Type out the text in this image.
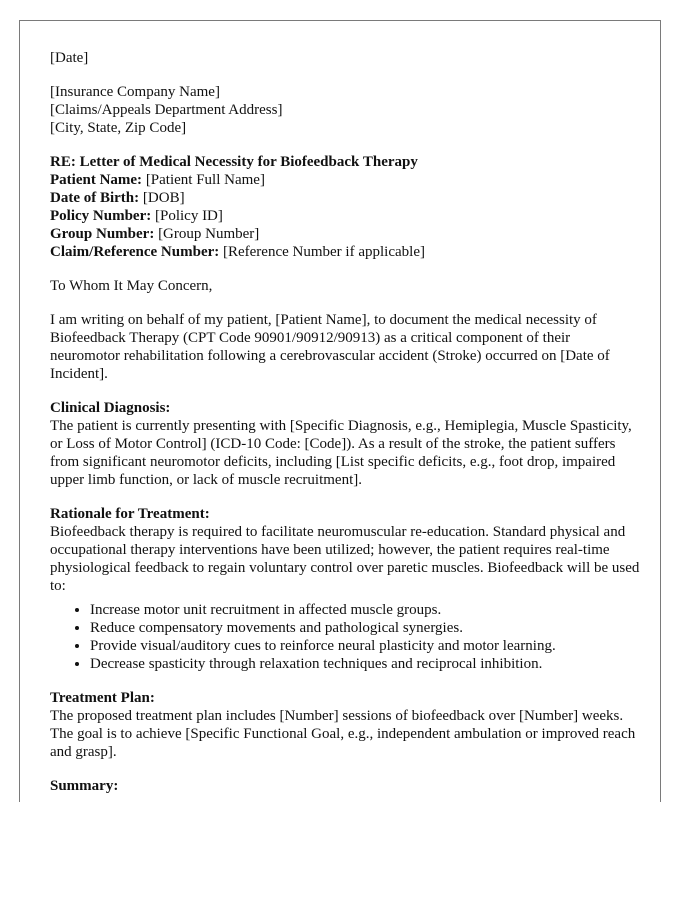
[Date]
[Insurance Company Name]
[Claims/Appeals Department Address]
[City, State, Zip Code]
RE: Letter of Medical Necessity for Biofeedback Therapy
Patient Name: [Patient Full Name]
Date of Birth: [DOB]
Policy Number: [Policy ID]
Group Number: [Group Number]
Claim/Reference Number: [Reference Number if applicable]

To Whom It May Concern,

I am writing on behalf of my patient, [Patient Name], to document the medical necessity of Biofeedback Therapy (CPT Code 90901/90912/90913) as a critical component of their neuromotor rehabilitation following a cerebrovascular accident (Stroke) occurred on [Date of Incident].

Clinical Diagnosis:

The patient is currently presenting with [Specific Diagnosis, e.g., Hemiplegia, Muscle Spasticity, or Loss of Motor Control] (ICD-10 Code: [Code]). As a result of the stroke, the patient suffers from significant neuromotor deficits, including [List specific deficits, e.g., foot drop, impaired upper limb function, or lack of muscle recruitment].

Rationale for Treatment:

Biofeedback therapy is required to facilitate neuromuscular re-education. Standard physical and occupational therapy interventions have been utilized; however, the patient requires real-time physiological feedback to regain voluntary control over paretic muscles. Biofeedback will be used to:

• Increase motor unit recruitment in affected muscle groups.
• Reduce compensatory movements and pathological synergies.
• Provide visual/auditory cues to reinforce neural plasticity and motor learning.
• Decrease spasticity through relaxation techniques and reciprocal inhibition.
Treatment Plan:

The proposed treatment plan includes [Number] sessions of biofeedback over [Number] weeks. The goal is to achieve [Specific Functional Goal, e.g., independent ambulation or improved reach and grasp].

Summary:
